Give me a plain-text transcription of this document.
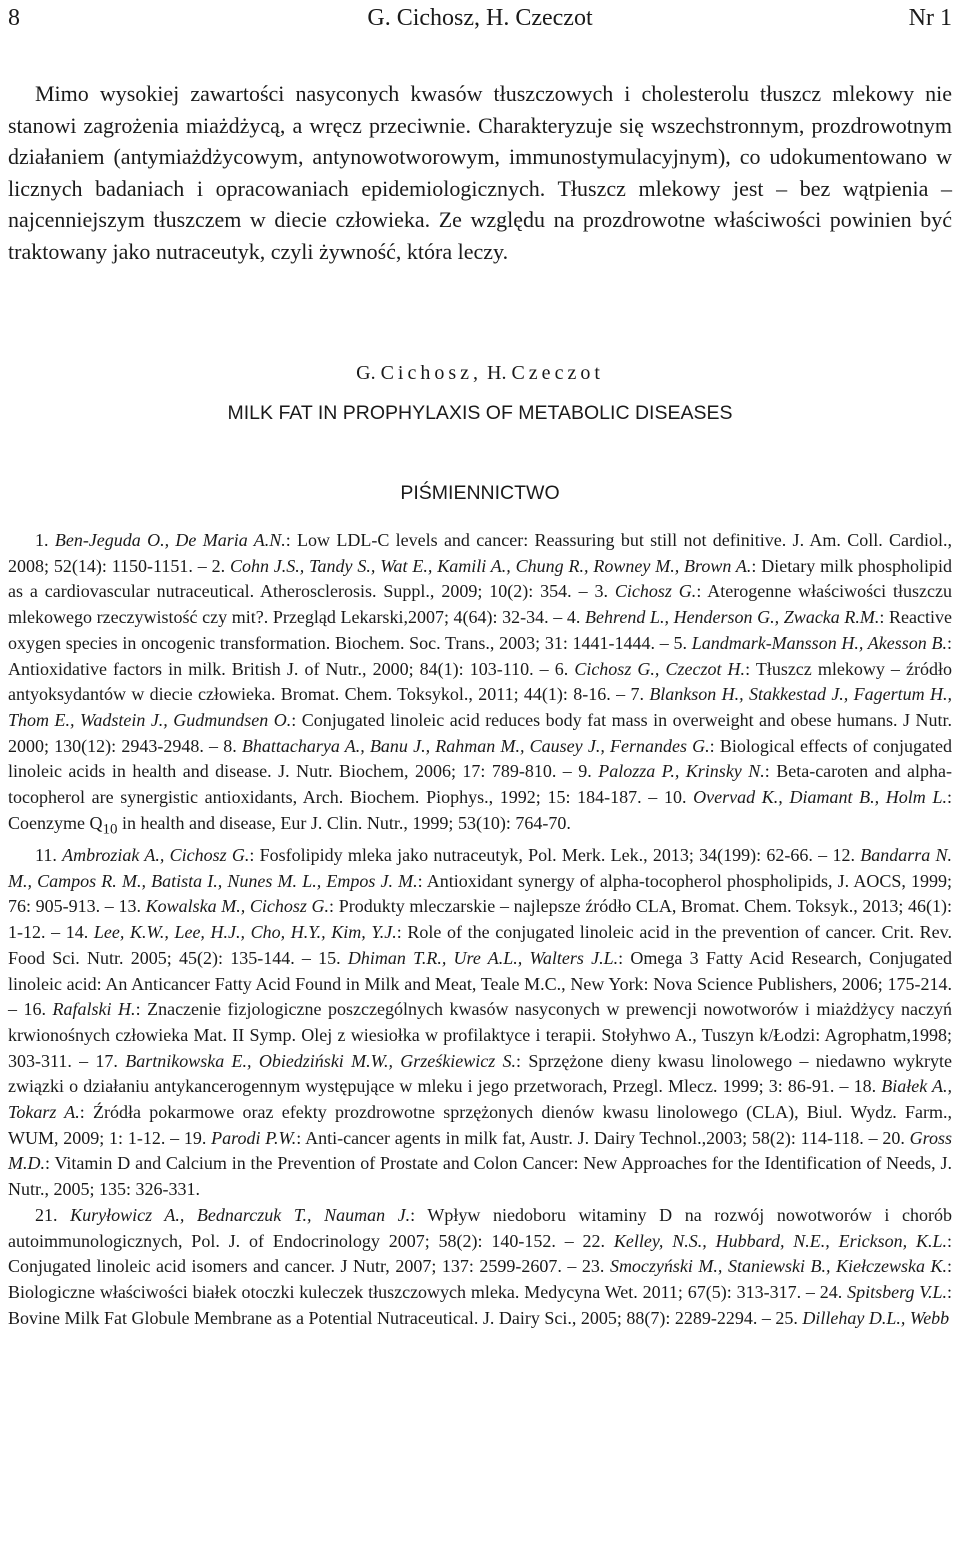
8	G. Cichosz, H. Czeczot	Nr 1

Mimo wysokiej zawartości nasyconych kwasów tłuszczowych i cholesterolu tłuszcz mlekowy nie stanowi zagrożenia miażdżycą, a wręcz przeciwnie. Charakteryzuje się wszechstronnym, prozdrowotnym działaniem (antymiażdżycowym, antynowotworowym, immunostymulacyjnym), co udokumentowano w licznych badaniach i opracowaniach epidemiologicznych. Tłuszcz mlekowy jest – bez wątpienia – najcenniejszym tłuszczem w diecie człowieka. Ze względu na prozdrowotne właściwości powinien być traktowany jako nutraceutyk, czyli żywność, która leczy.

G. Cichosz, H. Czeczot
MILK FAT IN PROPHYLAXIS OF METABOLIC DISEASES
PIŚMIENNICTWO

1. Ben-Jeguda O., De Maria A.N.: Low LDL-C levels and cancer: Reassuring but still not definitive. J. Am. Coll. Cardiol., 2008; 52(14): 1150-1151. – 2. Cohn J.S., Tandy S., Wat E., Kamili A., Chung R., Rowney M., Brown A.: Dietary milk phospholipid as a cardiovascular nutraceutical. Atherosclerosis. Suppl., 2009; 10(2): 354. – 3. Cichosz G.: Aterogenne właściwości tłuszczu mlekowego rzeczywistość czy mit?. Przegląd Lekarski,2007; 4(64): 32-34. – 4. Behrend L., Henderson G., Zwacka R.M.: Reactive oxygen species in oncogenic transformation. Biochem. Soc. Trans., 2003; 31: 1441-1444. – 5. Landmark-Mansson H., Akesson B.: Antioxidative factors in milk. British J. of Nutr., 2000; 84(1): 103-110. – 6. Cichosz G., Czeczot H.: Tłuszcz mlekowy – źródło antyoksydantów w diecie człowieka. Bromat. Chem. Toksykol., 2011; 44(1): 8-16. – 7. Blankson H., Stakkestad J., Fagertum H., Thom E., Wadstein J., Gudmundsen O.: Conjugated linoleic acid reduces body fat mass in overweight and obese humans. J Nutr. 2000; 130(12): 2943-2948. – 8. Bhattacharya A., Banu J., Rahman M., Causey J., Fernandes G.: Biological effects of conjugated linoleic acids in health and disease. J. Nutr. Biochem, 2006; 17: 789-810. – 9. Palozza P., Krinsky N.: Beta-caroten and alpha-tocopherol are synergistic antioxidants, Arch. Biochem. Piophys., 1992; 15: 184-187. – 10. Overvad K., Diamant B., Holm L.: Coenzyme $Q_{10}$ in health and disease, Eur J. Clin. Nutr., 1999; 53(10): 764-70.

11. Ambroziak A., Cichosz G.: Fosfolipidy mleka jako nutraceutyk, Pol. Merk. Lek., 2013; 34(199): 62-66. – 12. Bandarra N. M., Campos R. M., Batista I., Nunes M. L., Empos J. M.: Antioxidant synergy of alpha-tocopherol phospholipids, J. AOCS, 1999; 76: 905-913. – 13. Kowalska M., Cichosz G.: Produkty mleczarskie – najlepsze źródło CLA, Bromat. Chem. Toksyk., 2013; 46(1): 1-12. – 14. Lee, K.W., Lee, H.J., Cho, H.Y., Kim, Y.J.: Role of the conjugated linoleic acid in the prevention of cancer. Crit. Rev. Food Sci. Nutr. 2005; 45(2): 135-144. – 15. Dhiman T.R., Ure A.L., Walters J.L.: Omega 3 Fatty Acid Research, Conjugated linoleic acid: An Anticancer Fatty Acid Found in Milk and Meat, Teale M.C., New York: Nova Science Publishers, 2006; 175-214. – 16. Rafalski H.: Znaczenie fizjologiczne poszczególnych kwasów nasyconych w prewencji nowotworów i miażdżycy naczyń krwionośnych człowieka Mat. II Symp. Olej z wiesiołka w profilaktyce i terapii. Stołyhwo A., Tuszyn k/Łodzi: Agrophatm,1998; 303-311. – 17. Bartnikowska E., Obiedziński M.W., Grześkiewicz S.: Sprzężone dieny kwasu linolowego – niedawno wykryte związki o działaniu antykancerogennym występujące w mleku i jego przetworach, Przegl. Mlecz. 1999; 3: 86-91. – 18. Białek A., Tokarz A.: Źródła pokarmowe oraz efekty prozdrowotne sprzężonych dienów kwasu linolowego (CLA), Biul. Wydz. Farm., WUM, 2009; 1: 1-12. – 19. Parodi P.W.: Anti-cancer agents in milk fat, Austr. J. Dairy Technol.,2003; 58(2): 114-118. – 20. Gross M.D.: Vitamin D and Calcium in the Prevention of Prostate and Colon Cancer: New Approaches for the Identification of Needs, J. Nutr., 2005; 135: 326-331.

21. Kuryłowicz A., Bednarczuk T., Nauman J.: Wpływ niedoboru witaminy D na rozwój nowotworów i chorób autoimmunologicznych, Pol. J. of Endocrinology 2007; 58(2): 140-152. – 22. Kelley, N.S., Hubbard, N.E., Erickson, K.L.: Conjugated linoleic acid isomers and cancer. J Nutr, 2007; 137: 2599-2607. – 23. Smoczyński M., Staniewski B., Kiełczewska K.: Biologiczne właściwości białek otoczki kuleczek tłuszczowych mleka. Medycyna Wet. 2011; 67(5): 313-317. – 24. Spitsberg V.L.: Bovine Milk Fat Globule Membrane as a Potential Nutraceutical. J. Dairy Sci., 2005; 88(7): 2289-2294. – 25. Dillehay D.L., Webb
